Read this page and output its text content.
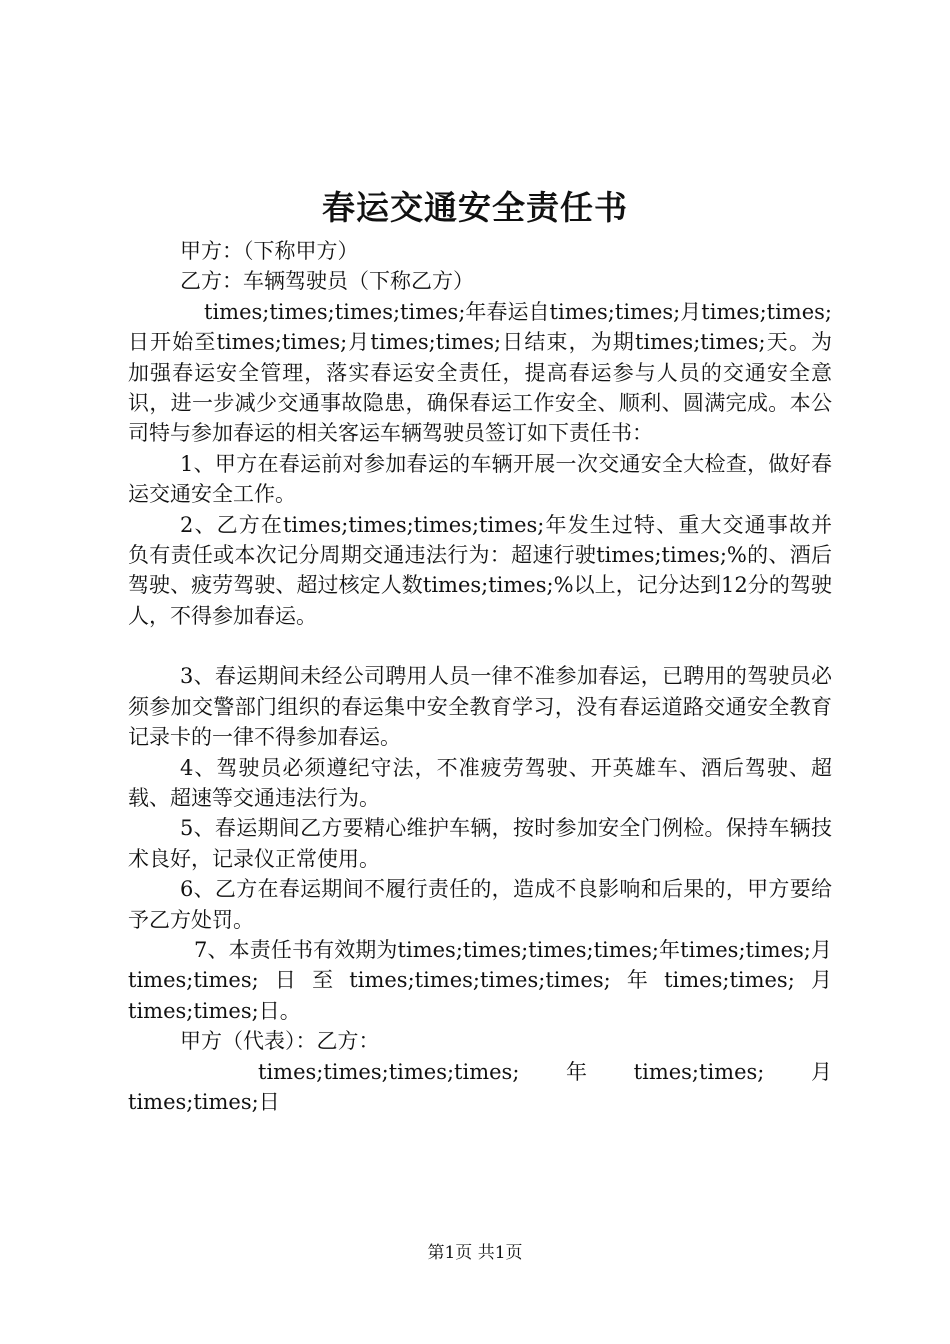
春运交通安全责任书

甲方：（下称甲方）

乙方：车辆驾驶员（下称乙方）

times;times;times;times;年春运自times;times;月times;times;日开始至times;times;月times;times;日结束，为期times;times;天。为加强春运安全管理，落实春运安全责任，提高春运参与人员的交通安全意识，进一步减少交通事故隐患，确保春运工作安全、顺利、圆满完成。本公司特与参加春运的相关客运车辆驾驶员签订如下责任书：

1、甲方在春运前对参加春运的车辆开展一次交通安全大检查，做好春运交通安全工作。

2、乙方在times;times;times;times;年发生过特、重大交通事故并负有责任或本次记分周期交通违法行为：超速行驶times;times;%的、酒后驾驶、疲劳驾驶、超过核定人数times;times;%以上，记分达到12分的驾驶人，不得参加春运。

3、春运期间未经公司聘用人员一律不准参加春运，已聘用的驾驶员必须参加交警部门组织的春运集中安全教育学习，没有春运道路交通安全教育记录卡的一律不得参加春运。

4、驾驶员必须遵纪守法，不准疲劳驾驶、开英雄车、酒后驾驶、超载、超速等交通违法行为。

5、春运期间乙方要精心维护车辆，按时参加安全门例检。保持车辆技术良好，记录仪正常使用。

6、乙方在春运期间不履行责任的，造成不良影响和后果的，甲方要给予乙方处罚。

7、本责任书有效期为times;times;times;times;年times;times;月times;times;日至times;times;times;times;年times;times;月times;times;日。

甲方（代表）：乙方：

times;times;times;times;　年　times;times;　月times;times;日

第1页 共1页
